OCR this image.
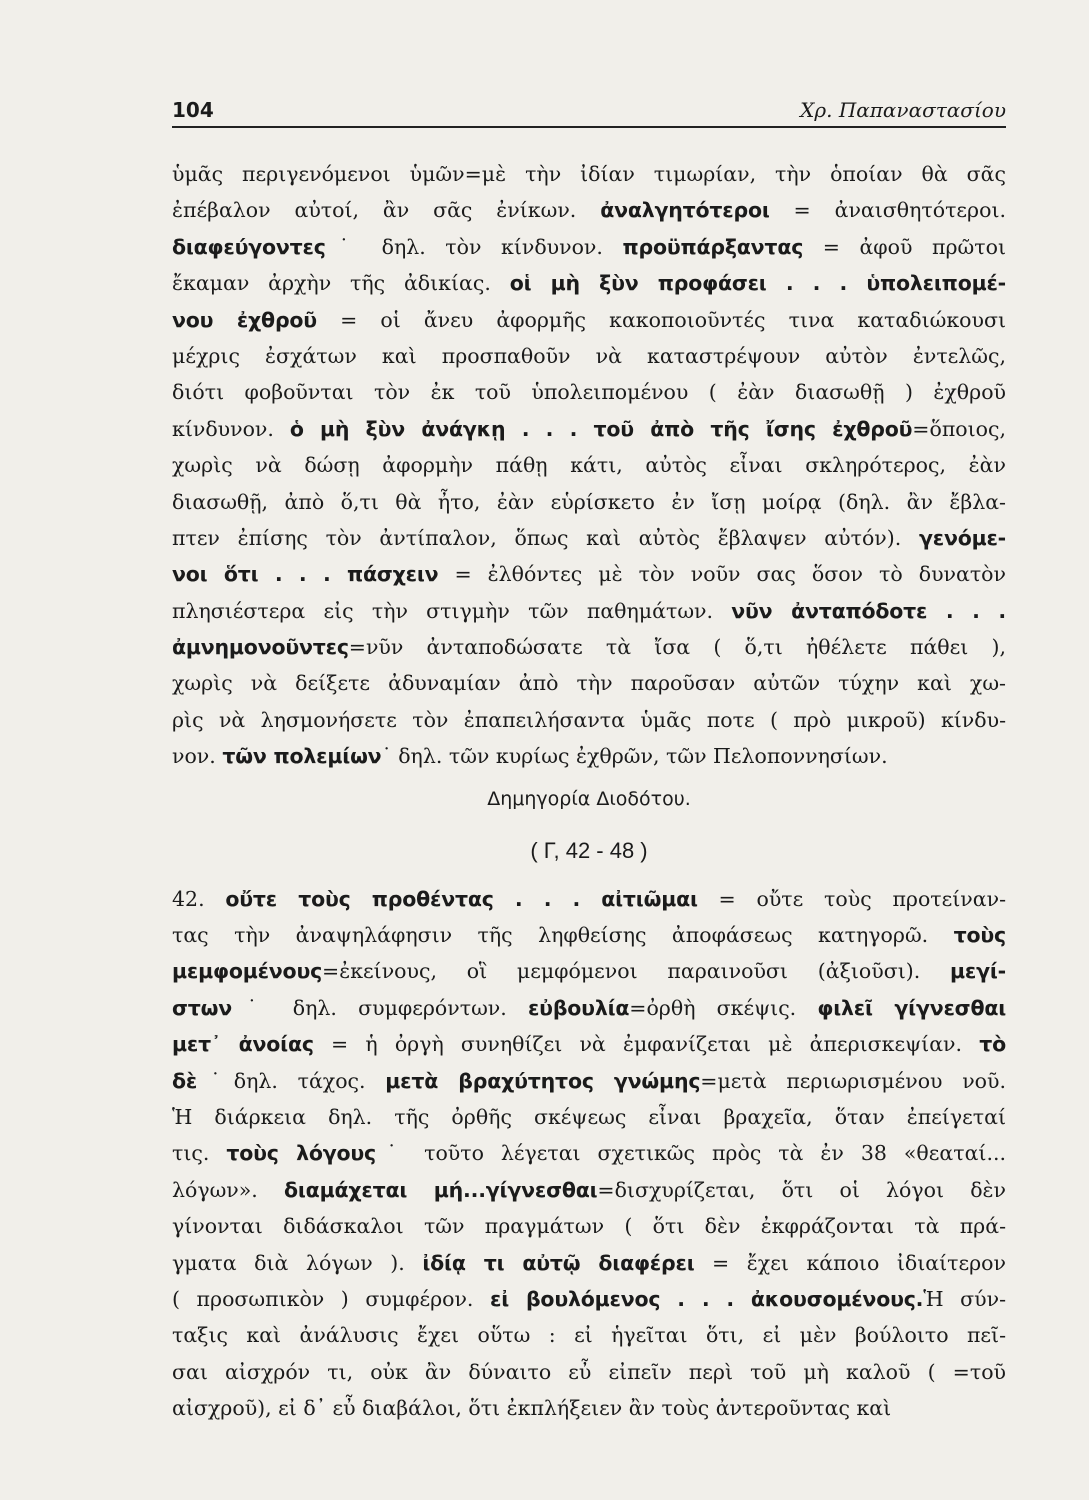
104	Χρ. Παπαναστασίου
ὑμᾶς περιγενόμενοι ὑμῶν=μὲ τὴν ἰδίαν τιμωρίαν, τὴν ὁποίαν θὰ σᾶς
ἐπέβαλον αὐτοί, ἂν σᾶς ἐνίκων. ἀναλγητότεροι = ἀναισθητότεροι.
διαφεύγοντες˙ δηλ. τὸν κίνδυνον. προϋπάρξαντας = ἀφοῦ πρῶτοι
ἔκαμαν ἀρχὴν τῆς ἀδικίας. οἱ μὴ ξὺν προφάσει . . . ὑπολειπομέ-
νου ἐχθροῦ = οἱ ἄνευ ἀφορμῆς κακοποιοῦντές τινα καταδιώκουσι
μέχρις ἐσχάτων καὶ προσπαθοῦν νὰ καταστρέψουν αὐτὸν ἐντελῶς,
διότι φοβοῦνται τὸν ἐκ τοῦ ὑπολειπομένου ( ἐὰν διασωθῇ ) ἐχθροῦ
κίνδυνον. ὁ μὴ ξὺν ἀνάγκῃ . . . τοῦ ἀπὸ τῆς ἴσης ἐχθροῦ=ὅποιος,
χωρὶς νὰ δώσῃ ἀφορμὴν πάθῃ κάτι, αὐτὸς εἶναι σκληρότερος, ἐὰν
διασωθῇ, ἀπὸ ὅ,τι θὰ ἦτο, ἐὰν εὑρίσκετο ἐν ἴσῃ μοίρᾳ (δηλ. ἂν ἔβλα-
πτεν ἐπίσης τὸν ἀντίπαλον, ὅπως καὶ αὐτὸς ἔβλαψεν αὐτόν). γενόμε-
νοι ὅτι . . . πάσχειν = ἐλθόντες μὲ τὸν νοῦν σας ὅσον τὸ δυνατὸν
πλησιέστερα εἰς τὴν στιγμὴν τῶν παθημάτων. νῦν ἀνταπόδοτε . . .
ἀμνημονοῦντες=νῦν ἀνταποδώσατε τὰ ἴσα ( ὅ,τι ἠθέλετε πάθει ),
χωρὶς νὰ δείξετε ἀδυναμίαν ἀπὸ τὴν παροῦσαν αὐτῶν τύχην καὶ χω-
ρὶς νὰ λησμονήσετε τὸν ἐπαπειλήσαντα ὑμᾶς ποτε ( πρὸ μικροῦ) κίνδυ-
νον. τῶν πολεμίων˙ δηλ. τῶν κυρίως ἐχθρῶν, τῶν Πελοποννησίων.
Δημηγορία Διοδότου.
( Γ, 42 - 48 )
42. οὔτε τοὺς προθέντας . . . αἰτιῶμαι = οὔτε τοὺς προτείναν-
τας τὴν ἀναψηλάφησιν τῆς ληφθείσης ἀποφάσεως κατηγορῶ. τοὺς
μεμφομένους=ἐκείνους, οἳ μεμφόμενοι παραινοῦσι (ἀξιοῦσι). μεγί-
στων˙ δηλ. συμφερόντων. εὐβουλία=ὀρθὴ σκέψις. φιλεῖ γίγνεσθαι
μετ᾽ ἀνοίας = ἡ ὀργὴ συνηθίζει νὰ ἐμφανίζεται μὲ ἀπερισκεψίαν. τὸ
δὲ˙δηλ. τάχος. μετὰ βραχύτητος γνώμης=μετὰ περιωρισμένου νοῦ.
Ἡ διάρκεια δηλ. τῆς ὀρθῆς σκέψεως εἶναι βραχεῖα, ὅταν ἐπείγεταί
τις. τοὺς λόγους˙ τοῦτο λέγεται σχετικῶς πρὸς τὰ ἐν 38 «θεαταί...
λόγων». διαμάχεται μή...γίγνεσθαι=δισχυρίζεται, ὅτι οἱ λόγοι δὲν
γίνονται διδάσκαλοι τῶν πραγμάτων ( ὅτι δὲν ἐκφράζονται τὰ πρά-
γματα διὰ λόγων ). ἰδίᾳ τι αὐτῷ διαφέρει = ἔχει κάποιο ἰδιαίτερον
( προσωπικὸν ) συμφέρον. εἰ βουλόμενος . . . ἀκουσομένους.Ἡ σύν-
ταξις καὶ ἀνάλυσις ἔχει οὕτω : εἰ ἡγεῖται ὅτι, εἰ μὲν βούλοιτο πεῖ-
σαι αἰσχρόν τι, οὐκ ἂν δύναιτο εὖ εἰπεῖν περὶ τοῦ μὴ καλοῦ ( =τοῦ
αἰσχροῦ), εἰ δ᾽ εὖ διαβάλοι, ὅτι ἐκπλήξειεν ἂν τοὺς ἀντεροῦντας καὶ
